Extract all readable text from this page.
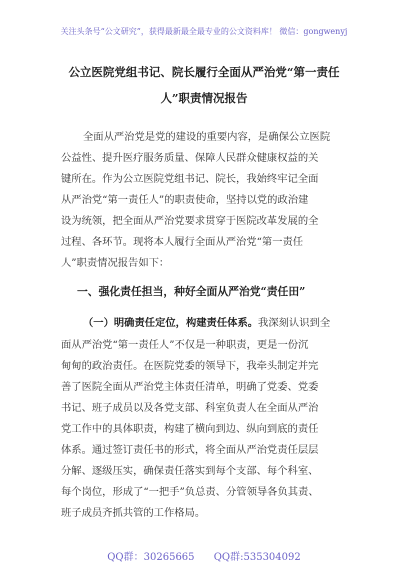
关注头条号“公文研究”，获得最新最全最专业的公文资料库！ 微信：gongwenyj
公立医院党组书记、院长履行全面从严治党“第一责任
人”职责情况报告
全面从严治党是党的建设的重要内容，是确保公立医院
公益性、提升医疗服务质量、保障人民群众健康权益的关
键所在。作为公立医院党组书记、院长，我始终牢记全面
从严治党“第一责任人”的职责使命，坚持以党的政治建
设为统领，把全面从严治党要求贯穿于医院改革发展的全
过程、各环节。现将本人履行全面从严治党“第一责任
人”职责情况报告如下：
一、强化责任担当，种好全面从严治党“责任田”
（一）明确责任定位，构建责任体系。我深刻认识到全
面从严治党“第一责任人”不仅是一种职责，更是一份沉
甸甸的政治责任。在医院党委的领导下，我牵头制定并完
善了医院全面从严治党主体责任清单，明确了党委、党委
书记、班子成员以及各党支部、科室负责人在全面从严治
党工作中的具体职责，构建了横向到边、纵向到底的责任
体系。通过签订责任书的形式，将全面从严治党责任层层
分解、逐级压实，确保责任落实到每个支部、每个科室、
每个岗位，形成了“一把手”负总责、分管领导各负其责、
班子成员齐抓共管的工作格局。
QQ群：30265665 QQ群:535304092
